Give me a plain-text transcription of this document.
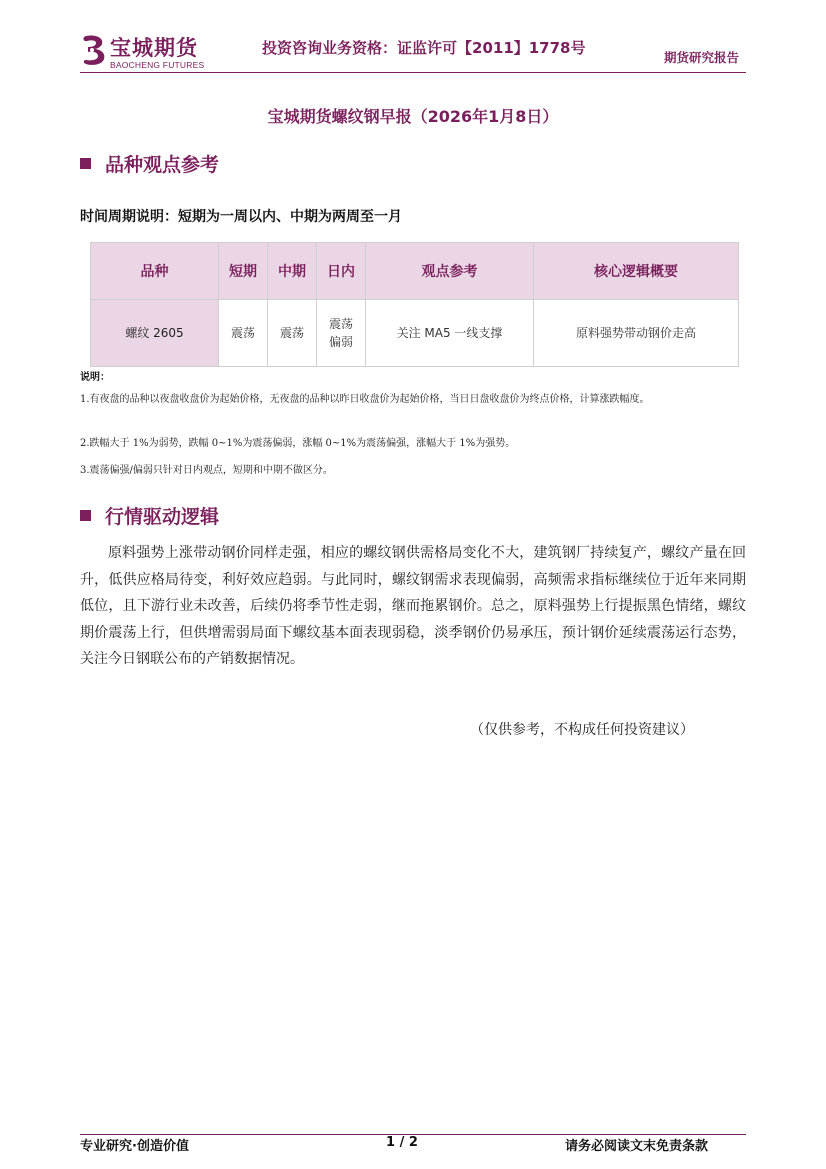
宝城期货
BAOCHENG FUTURES
投资咨询业务资格：证监许可【2011】1778号
期货研究报告
宝城期货螺纹钢早报（2026年1月8日）
品种观点参考
时间周期说明：短期为一周以内、中期为两周至一月
品种	短期	中期	日内	观点参考	核心逻辑概要
螺纹 2605	震荡	震荡	震荡偏弱	关注 MA5 一线支撑	原料强势带动钢价走高
说明：
1.有夜盘的品种以夜盘收盘价为起始价格，无夜盘的品种以昨日收盘价为起始价格，当日日盘收盘价为终点价格，计算涨跌幅度。
2.跌幅大于 1%为弱势，跌幅 0~1%为震荡偏弱，涨幅 0~1%为震荡偏强，涨幅大于 1%为强势。
3.震荡偏强/偏弱只针对日内观点，短期和中期不做区分。
行情驱动逻辑
原料强势上涨带动钢价同样走强，相应的螺纹钢供需格局变化不大，建筑钢厂持续复产，螺纹产量在回升，低供应格局待变，利好效应趋弱。与此同时，螺纹钢需求表现偏弱，高频需求指标继续位于近年来同期低位，且下游行业未改善，后续仍将季节性走弱，继而拖累钢价。总之，原料强势上行提振黑色情绪，螺纹期价震荡上行，但供增需弱局面下螺纹基本面表现弱稳，淡季钢价仍易承压，预计钢价延续震荡运行态势，关注今日钢联公布的产销数据情况。
（仅供参考，不构成任何投资建议）
专业研究·创造价值	1 / 2	请务必阅读文末免责条款
